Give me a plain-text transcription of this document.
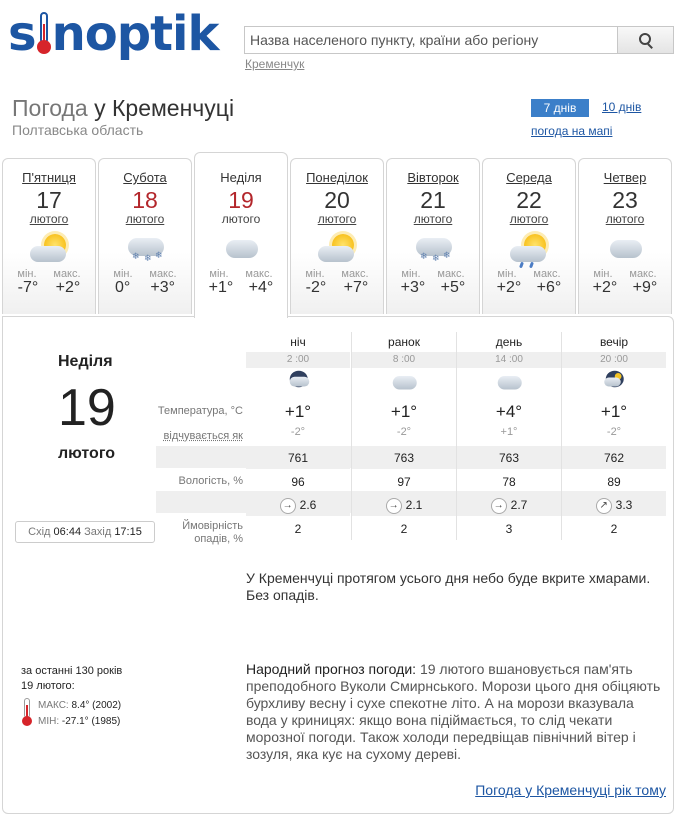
s noptik
Назва населеного пункту, країни або регіону
Кременчук
Погода у Кременчуці
Полтавська область
7 днів	10 днів
погода на мапі
П'ятниця
17
лютого
мін. макс.
-7° +2°
Субота
18
лютого
❄ ❄ ❄
мін. макс.
0° +3°
Неділя
19
лютого
мін. макс.
+1° +4°
Понеділок
20
лютого
мін. макс.
-2° +7°
Вівторок
21
лютого
❄ ❄ ❄
мін. макс.
+3° +5°
Середа
22
лютого
мін. макс.
+2° +6°
Четвер
23
лютого
мін. макс.
+2° +9°
Неділя
19
лютого
Схід 06:44 Захід 17:15
Температура, °C
відчувається як
Вологість, %
Ймовірність
опадів, %
ніч
2 :00
+1°
-2°
761
96
→ 2.6
2
ранок
8 :00
+1°
-2°
763
97
→ 2.1
2
день
14 :00
+4°
+1°
763
78
→ 2.7
3
вечір
20 :00
+1°
-2°
762
89
↗ 3.3
2
У Кременчуці протягом усього дня небо буде вкрите хмарами. Без опадів.
Народний прогноз погоди: 19 лютого вшановується пам'ять преподобного Вуколи Смирнського. Морози цього дня обіцяють бурхливу весну і сухе спекотне літо. А на морози вказувала вода у криницях: якщо вона підіймається, то слід чекати морозної погоди. Також холоди передвіщав північний вітер і зозуля, яка кує на сухому дереві.
за останні 130 років
19 лютого:
МАКС: 8.4° (2002)
МІН: -27.1° (1985)
Погода у Кременчуці рік тому
